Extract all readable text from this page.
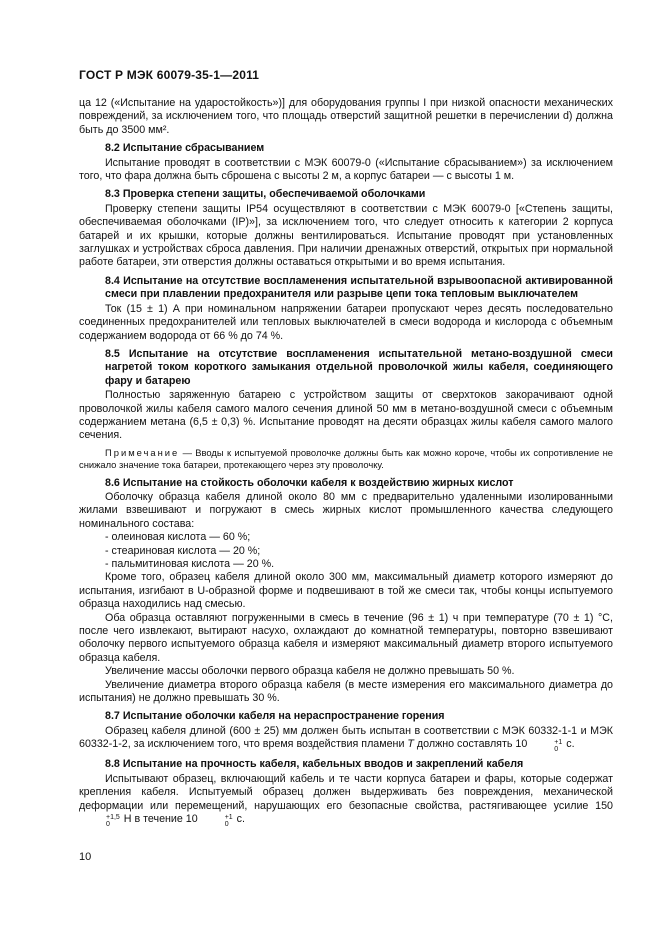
ГОСТ Р МЭК 60079-35-1—2011

ца 12 («Испытание на ударостойкость»)] для оборудования группы I при низкой опасности механических повреждений, за исключением того, что площадь отверстий защитной решетки в перечислении d) должна быть до 3500 мм².

8.2 Испытание сбрасыванием

Испытание проводят в соответствии с МЭК 60079-0 («Испытание сбрасыванием») за исключением того, что фара должна быть сброшена с высоты 2 м, а корпус батареи — с высоты 1 м.

8.3 Проверка степени защиты, обеспечиваемой оболочками

Проверку степени защиты IP54 осуществляют в соответствии с МЭК 60079-0 [«Степень защиты, обеспечиваемая оболочками (IP)»], за исключением того, что следует относить к категории 2 корпуса батарей и их крышки, которые должны вентилироваться. Испытание проводят при установленных заглушках и устройствах сброса давления. При наличии дренажных отверстий, открытых при нормальной работе батареи, эти отверстия должны оставаться открытыми и во время испытания.

8.4 Испытание на отсутствие воспламенения испытательной взрывоопасной активированной смеси при плавлении предохранителя или разрыве цепи тока тепловым выключателем

Ток (15 ± 1) А при номинальном напряжении батареи пропускают через десять последовательно соединенных предохранителей или тепловых выключателей в смеси водорода и кислорода с объемным содержанием водорода от 66 % до 74 %.

8.5 Испытание на отсутствие воспламенения испытательной метано-воздушной смеси нагретой током короткого замыкания отдельной проволочкой жилы кабеля, соединяющего фару и батарею

Полностью заряженную батарею с устройством защиты от сверхтоков закорачивают одной проволочкой жилы кабеля самого малого сечения длиной 50 мм в метано-воздушной смеси с объемным содержанием метана (6,5 ± 0,3) %. Испытание проводят на десяти образцах жилы кабеля самого малого сечения.

Примечание — Вводы к испытуемой проволочке должны быть как можно короче, чтобы их сопротивление не снижало значение тока батареи, протекающего через эту проволочку.

8.6 Испытание на стойкость оболочки кабеля к воздействию жирных кислот

Оболочку образца кабеля длиной около 80 мм с предварительно удаленными изолированными жилами взвешивают и погружают в смесь жирных кислот промышленного качества следующего номинального состава:

- олеиновая кислота — 60 %;
- стеариновая кислота — 20 %;
- пальмитиновая кислота — 20 %.

Кроме того, образец кабеля длиной около 300 мм, максимальный диаметр которого измеряют до испытания, изгибают в U-образной форме и подвешивают в той же смеси так, чтобы концы испытуемого образца находились над смесью.

Оба образца оставляют погруженными в смесь в течение (96 ± 1) ч при температуре (70 ± 1) °С, после чего извлекают, вытирают насухо, охлаждают до комнатной температуры, повторно взвешивают оболочку первого испытуемого образца кабеля и измеряют максимальный диаметр второго испытуемого образца кабеля.

Увеличение массы оболочки первого образца кабеля не должно превышать 50 %.

Увеличение диаметра второго образца кабеля (в месте измерения его максимального диаметра до испытания) не должно превышать 30 %.

8.7 Испытание оболочки кабеля на нераспространение горения

Образец кабеля длиной (600 ± 25) мм должен быть испытан в соответствии с МЭК 60332-1-1 и МЭК 60332-1-2, за исключением того, что время воздействия пламени T должно составлять 10	+1
0 с.

8.8 Испытание на прочность кабеля, кабельных вводов и закреплений кабеля

Испытывают образец, включающий кабель и те части корпуса батареи и фары, которые содержат крепления кабеля. Испытуемый образец должен выдерживать без повреждения, механической деформации или перемещений, нарушающих его безопасные свойства, растягивающее усилие 150
+1,5
0	Н в течение 10	+1
0 с.

10
